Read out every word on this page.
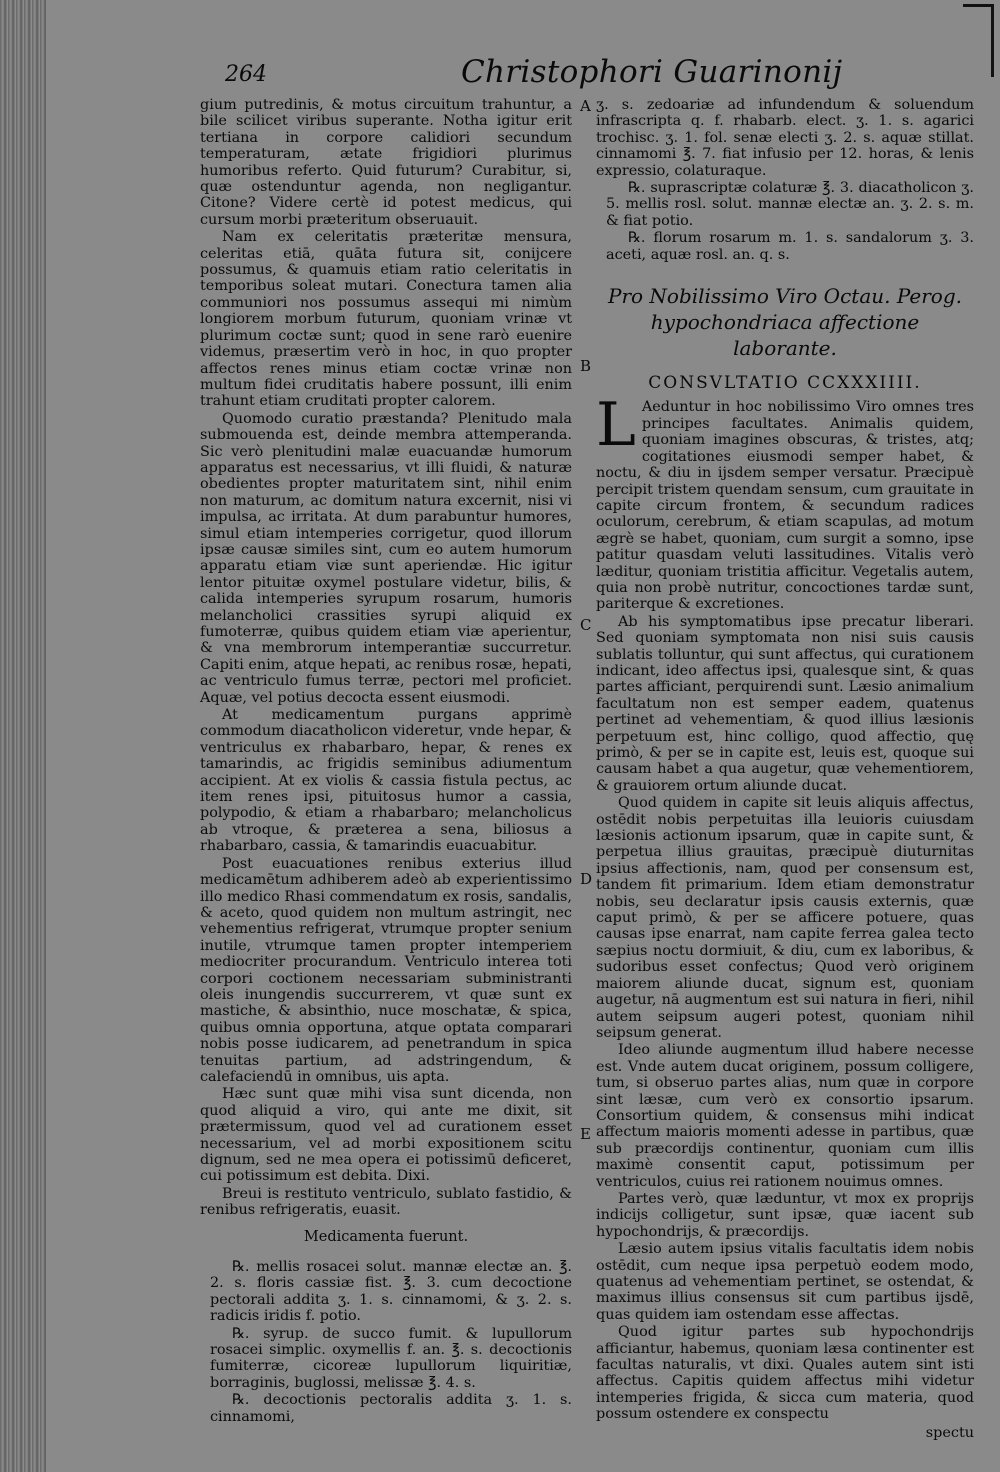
264	Christophori Guarinonij
A
B
C
D
E

gium putredinis, & motus circuitum trahuntur, a bile scilicet viribus superante. Notha igitur erit tertiana in corpore calidiori secundum temperaturam, ætate frigidiori plurimus humoribus referto. Quid futurum? Curabitur, si, quæ ostenduntur agenda, non negligantur. Citone? Videre certè id potest medicus, qui cursum morbi præteritum obseruauit.

Nam ex celeritatis præteritæ mensura, celeritas etiā, quāta futura sit, conijcere possumus, & quamuis etiam ratio celeritatis in temporibus soleat mutari. Conectura tamen alia communiori nos possumus assequi mi nimùm longiorem morbum futurum, quoniam vrinæ vt plurimum coctæ sunt; quod in sene rarò euenire videmus, præsertim verò in hoc, in quo propter affectos renes minus etiam coctæ vrinæ non multum fidei cruditatis habere possunt, illi enim trahunt etiam cruditati propter calorem.

Quomodo curatio præstanda? Plenitudo mala submouenda est, deinde membra attemperanda. Sic verò plenitudini malæ euacuandæ humorum apparatus est necessarius, vt illi fluidi, & naturæ obedientes propter maturitatem sint, nihil enim non maturum, ac domitum natura excernit, nisi vi impulsa, ac irritata. At dum parabuntur humores, simul etiam intemperies corrigetur, quod illorum ipsæ causæ similes sint, cum eo autem humorum apparatu etiam viæ sunt aperiendæ. Hic igitur lentor pituitæ oxymel postulare videtur, bilis, & calida intemperies syrupum rosarum, humoris melancholici crassities syrupi aliquid ex fumoterræ, quibus quidem etiam viæ aperientur, & vna membrorum intemperantiæ succurretur. Capiti enim, atque hepati, ac renibus rosæ, hepati, ac ventriculo fumus terræ, pectori mel proficiet. Aquæ, vel potius decocta essent eiusmodi.

At medicamentum purgans apprimè commodum diacatholicon videretur, vnde hepar, & ventriculus ex rhabarbaro, hepar, & renes ex tamarindis, ac frigidis seminibus adiumentum accipient. At ex violis & cassia fistula pectus, ac item renes ipsi, pituitosus humor a cassia, polypodio, & etiam a rhabarbaro; melancholicus ab vtroque, & præterea a sena, biliosus a rhabarbaro, cassia, & tamarindis euacuabitur.

Post euacuationes renibus exterius illud medicamētum adhiberem adeò ab experientissimo illo medico Rhasi commendatum ex rosis, sandalis, & aceto, quod quidem non multum astringit, nec vehementius refrigerat, vtrumque propter senium inutile, vtrumque tamen propter intemperiem mediocriter procurandum. Ventriculo interea toti corpori coctionem necessariam subministranti oleis inungendis succurrerem, vt quæ sunt ex mastiche, & absinthio, nuce moschatæ, & spica, quibus omnia opportuna, atque optata comparari nobis posse iudicarem, ad penetrandum in spica tenuitas partium, ad adstringendum, & calefaciendū in omnibus, uis apta.

Hæc sunt quæ mihi visa sunt dicenda, non quod aliquid a viro, qui ante me dixit, sit prætermissum, quod vel ad curationem esset necessarium, vel ad morbi expositionem scitu dignum, sed ne mea opera ei potissimū deficeret, cui potissimum est debita. Dixi.

Breui is restituto ventriculo, sublato fastidio, & renibus refrigeratis, euasit.

Medicamenta fuerunt.

℞. mellis rosacei solut. mannæ electæ an. ℥. 2. s. floris cassiæ fist. ℥. 3. cum decoctione pectorali addita ʒ. 1. s. cinnamomi, & ʒ. 2. s. radicis iridis f. potio.

℞. syrup. de succo fumit. & lupullorum rosacei simplic. oxymellis f. an. ℥. s. decoctionis fumiterræ, cicoreæ lupullorum liquiritiæ, borraginis, buglossi, melissæ ℥. 4. s.

℞. decoctionis pectoralis addita ʒ. 1. s. cinnamomi,

ʒ. s. zedoariæ ad infundendum & soluendum infrascripta q. f. rhabarb. elect. ʒ. 1. s. agarici trochisc. ʒ. 1. fol. senæ electi ʒ. 2. s. aquæ stillat. cinnamomi ℥. 7. fiat infusio per 12. horas, & lenis expressio, colaturaque.

℞. suprascriptæ colaturæ ℥. 3. diacatholicon ʒ. 5. mellis rosl. solut. mannæ electæ an. ʒ. 2. s. m. & fiat potio.

℞. florum rosarum m. 1. s. sandalorum ʒ. 3. aceti, aquæ rosl. an. q. s.

Pro Nobilissimo Viro Octau. Perog. hypochondriaca affectione laborante.
CONSVLTATIO CCXXXIIII.

L Aeduntur in hoc nobilissimo Viro omnes tres principes facultates. Animalis quidem, quoniam imagines obscuras, & tristes, atq; cogitationes eiusmodi semper habet, & noctu, & diu in ijsdem semper versatur. Præcipuè percipit tristem quendam sensum, cum grauitate in capite circum frontem, & secundum radices oculorum, cerebrum, & etiam scapulas, ad motum ægrè se habet, quoniam, cum surgit a somno, ipse patitur quasdam veluti lassitudines. Vitalis verò læditur, quoniam tristitia afficitur. Vegetalis autem, quia non probè nutritur, concoctiones tardæ sunt, pariterque & excretiones.

Ab his symptomatibus ipse precatur liberari. Sed quoniam symptomata non nisi suis causis sublatis tolluntur, qui sunt affectus, qui curationem indicant, ideo affectus ipsi, qualesque sint, & quas partes afficiant, perquirendi sunt. Læsio animalium facultatum non est semper eadem, quatenus pertinet ad vehementiam, & quod illius læsionis perpetuum est, hinc colligo, quod affectio, quę primò, & per se in capite est, leuis est, quoque sui causam habet a qua augetur, quæ vehementiorem, & grauiorem ortum aliunde ducat.

Quod quidem in capite sit leuis aliquis affectus, ostēdit nobis perpetuitas illa leuioris cuiusdam læsionis actionum ipsarum, quæ in capite sunt, & perpetua illius grauitas, præcipuè diuturnitas ipsius affectionis, nam, quod per consensum est, tandem fit primarium. Idem etiam demonstratur nobis, seu declaratur ipsis causis externis, quæ caput primò, & per se afficere potuere, quas causas ipse enarrat, nam capite ferrea galea tecto sæpius noctu dormiuit, & diu, cum ex laboribus, & sudoribus esset confectus; Quod verò originem maiorem aliunde ducat, signum est, quoniam augetur, nā augmentum est sui natura in fieri, nihil autem seipsum augeri potest, quoniam nihil seipsum generat.

Ideo aliunde augmentum illud habere necesse est. Vnde autem ducat originem, possum colligere, tum, si obseruo partes alias, num quæ in corpore sint læsæ, cum verò ex consortio ipsarum. Consortium quidem, & consensus mihi indicat affectum maioris momenti adesse in partibus, quæ sub præcordijs continentur, quoniam cum illis maximè consentit caput, potissimum per ventriculos, cuius rei rationem nouimus omnes.

Partes verò, quæ læduntur, vt mox ex proprijs indicijs colligetur, sunt ipsæ, quæ iacent sub hypochondrijs, & præcordijs.

Læsio autem ipsius vitalis facultatis idem nobis ostēdit, cum neque ipsa perpetuò eodem modo, quatenus ad vehementiam pertinet, se ostendat, & maximus illius consensus sit cum partibus ijsdē, quas quidem iam ostendam esse affectas.

Quod igitur partes sub hypochondrijs afficiantur, habemus, quoniam læsa continenter est facultas naturalis, vt dixi. Quales autem sint isti affectus. Capitis quidem affectus mihi videtur intemperies frigida, & sicca cum materia, quod possum ostendere ex conspectu

spectu
